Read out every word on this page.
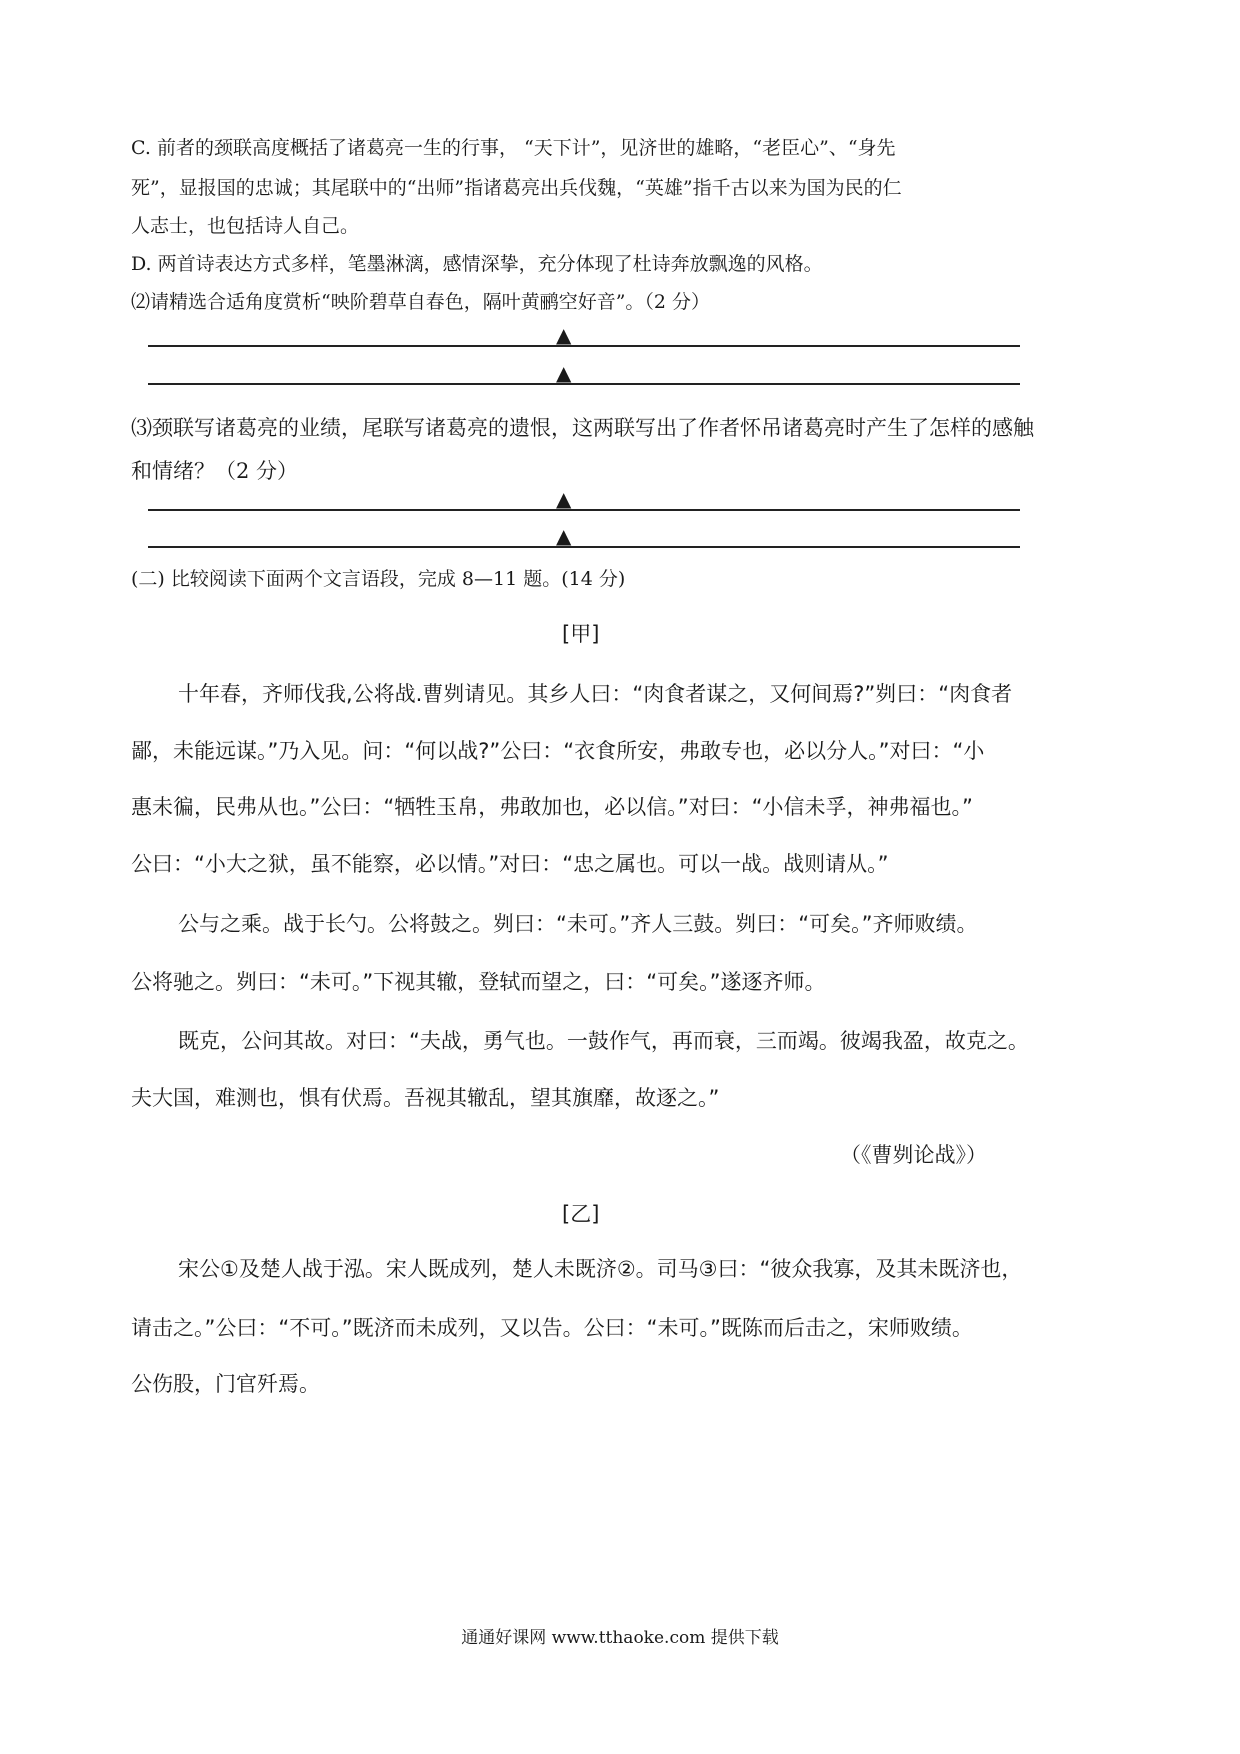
C. 前者的颈联高度概括了诸葛亮一生的行事， “天下计”，见济世的雄略，“老臣心”、“身先
死”，显报国的忠诚；其尾联中的“出师”指诸葛亮出兵伐魏，“英雄”指千古以来为国为民的仁
人志士，也包括诗人自己。
D. 两首诗表达方式多样，笔墨淋漓，感情深挚，充分体现了杜诗奔放飘逸的风格。
⑵请精选合适角度赏析“映阶碧草自春色，隔叶黄鹂空好音”。（2 分）
▲
▲
⑶颈联写诸葛亮的业绩，尾联写诸葛亮的遗恨，这两联写出了作者怀吊诸葛亮时产生了怎样的感触
和情绪？（2 分）
▲
▲
(二) 比较阅读下面两个文言语段，完成 8—11 题。(14 分)
[甲]
十年春，齐师伐我,公将战.曹刿请见。其乡人曰：“肉食者谋之，又何间焉?”刿曰：“肉食者
鄙，未能远谋。”乃入见。问：“何以战?”公曰：“衣食所安，弗敢专也，必以分人。”对曰：“小
惠未徧，民弗从也。”公曰：“牺牲玉帛，弗敢加也，必以信。”对曰：“小信未孚，神弗福也。”
公曰：“小大之狱，虽不能察，必以情。”对曰：“忠之属也。可以一战。战则请从。”
公与之乘。战于长勺。公将鼓之。刿曰：“未可。”齐人三鼓。刿曰：“可矣。”齐师败绩。
公将驰之。刿曰：“未可。”下视其辙，登轼而望之，曰：“可矣。”遂逐齐师。
既克，公问其故。对曰：“夫战，勇气也。一鼓作气，再而衰，三而竭。彼竭我盈，故克之。
夫大国，难测也，惧有伏焉。吾视其辙乱，望其旗靡，故逐之。”
（《曹刿论战》）
[乙]
宋公①及楚人战于泓。宋人既成列，楚人未既济②。司马③曰：“彼众我寡，及其未既济也，
请击之。”公曰：“不可。”既济而未成列，又以告。公曰：“未可。”既陈而后击之，宋师败绩。
公伤股，门官歼焉。
通通好课网 www.tthaoke.com 提供下载
